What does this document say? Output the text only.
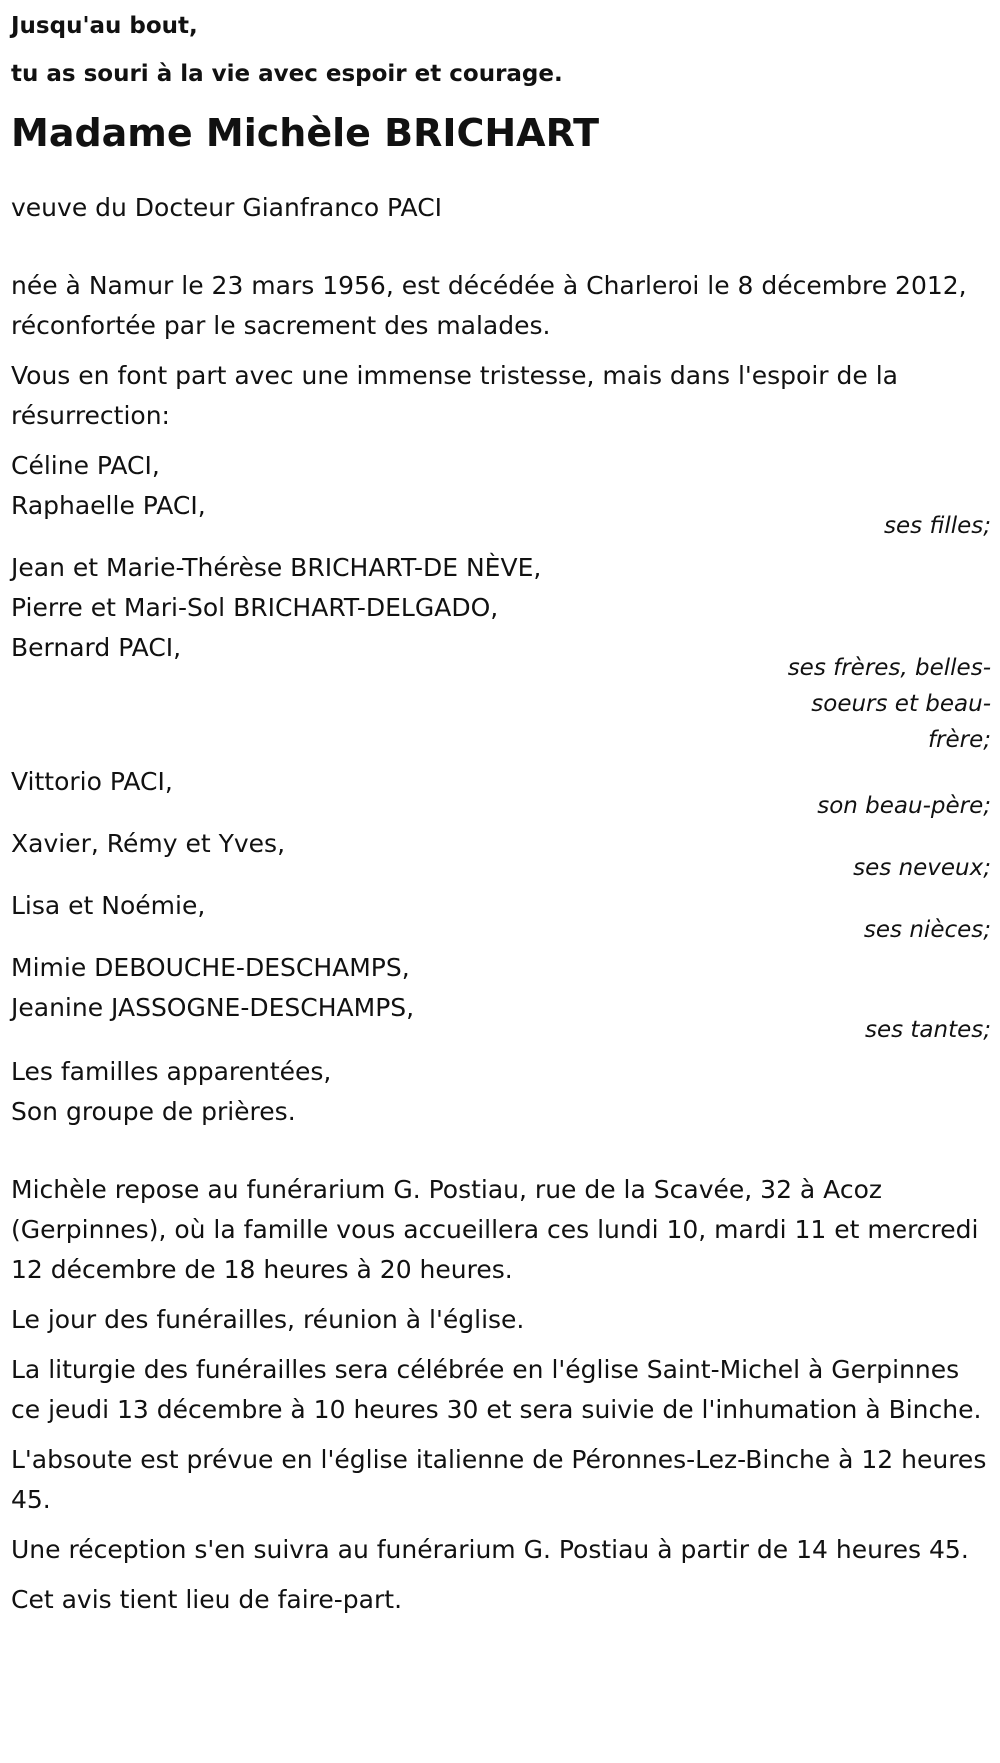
Jusqu'au bout,
tu as souri à la vie avec espoir et courage.
Madame Michèle BRICHART

veuve du Docteur Gianfranco PACI

née à Namur le 23 mars 1956, est décédée à Charleroi le 8 décembre 2012, réconfortée par le sacrement des malades.

Vous en font part avec une immense tristesse, mais dans l'espoir de la résurrection:

Céline PACI,
Raphaelle PACI,
ses filles;
Jean et Marie-Thérèse BRICHART-DE NÈVE,
Pierre et Mari-Sol BRICHART-DELGADO,
Bernard PACI,
ses frères, belles-soeurs et beau-frère;
Vittorio PACI,
son beau-père;
Xavier, Rémy et Yves,
ses neveux;
Lisa et Noémie,
ses nièces;
Mimie DEBOUCHE-DESCHAMPS,
Jeanine JASSOGNE-DESCHAMPS,
ses tantes;
Les familles apparentées,
Son groupe de prières.

Michèle repose au funérarium G. Postiau, rue de la Scavée, 32 à Acoz (Gerpinnes), où la famille vous accueillera ces lundi 10, mardi 11 et mercredi 12 décembre de 18 heures à 20 heures.

Le jour des funérailles, réunion à l'église.

La liturgie des funérailles sera célébrée en l'église Saint-Michel à Gerpinnes ce jeudi 13 décembre à 10 heures 30 et sera suivie de l'inhumation à Binche.

L'absoute est prévue en l'église italienne de Péronnes-Lez-Binche à 12 heures 45.

Une réception s'en suivra au funérarium G. Postiau à partir de 14 heures 45.

Cet avis tient lieu de faire-part.
